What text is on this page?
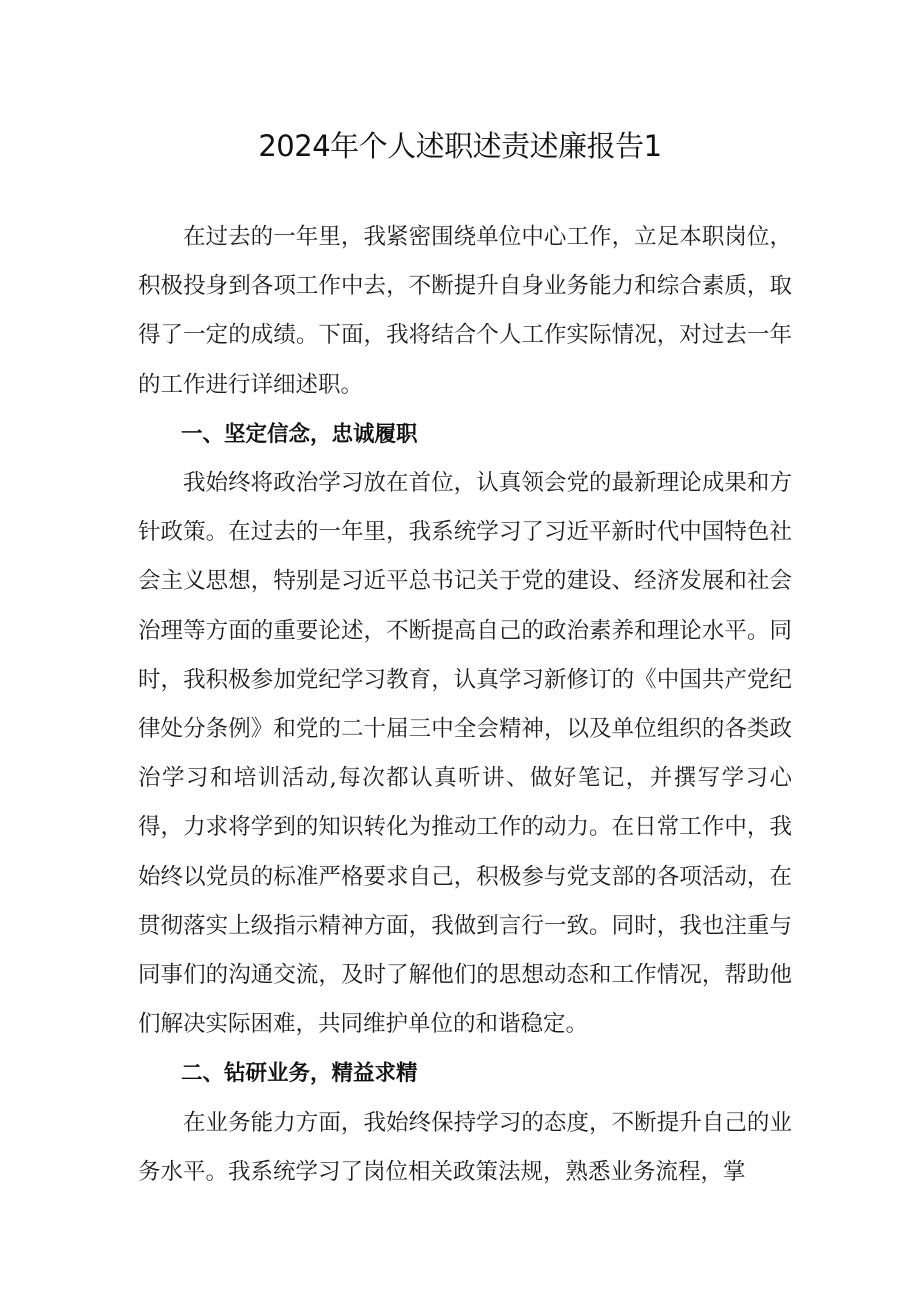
2024年个人述职述责述廉报告1

在过去的一年里，我紧密围绕单位中心工作，立足本职岗位，积极投身到各项工作中去，不断提升自身业务能力和综合素质，取得了一定的成绩。下面，我将结合个人工作实际情况，对过去一年的工作进行详细述职。

一、坚定信念，忠诚履职

我始终将政治学习放在首位，认真领会党的最新理论成果和方针政策。在过去的一年里，我系统学习了习近平新时代中国特色社会主义思想，特别是习近平总书记关于党的建设、经济发展和社会治理等方面的重要论述，不断提高自己的政治素养和理论水平。同时，我积极参加党纪学习教育，认真学习新修订的《中国共产党纪律处分条例》和党的二十届三中全会精神，以及单位组织的各类政治学习和培训活动,每次都认真听讲、做好笔记，并撰写学习心得，力求将学到的知识转化为推动工作的动力。在日常工作中，我始终以党员的标准严格要求自己，积极参与党支部的各项活动，在贯彻落实上级指示精神方面，我做到言行一致。同时，我也注重与同事们的沟通交流，及时了解他们的思想动态和工作情况，帮助他们解决实际困难，共同维护单位的和谐稳定。

二、钻研业务，精益求精

在业务能力方面，我始终保持学习的态度，不断提升自己的业务水平。我系统学习了岗位相关政策法规，熟悉业务流程，掌
